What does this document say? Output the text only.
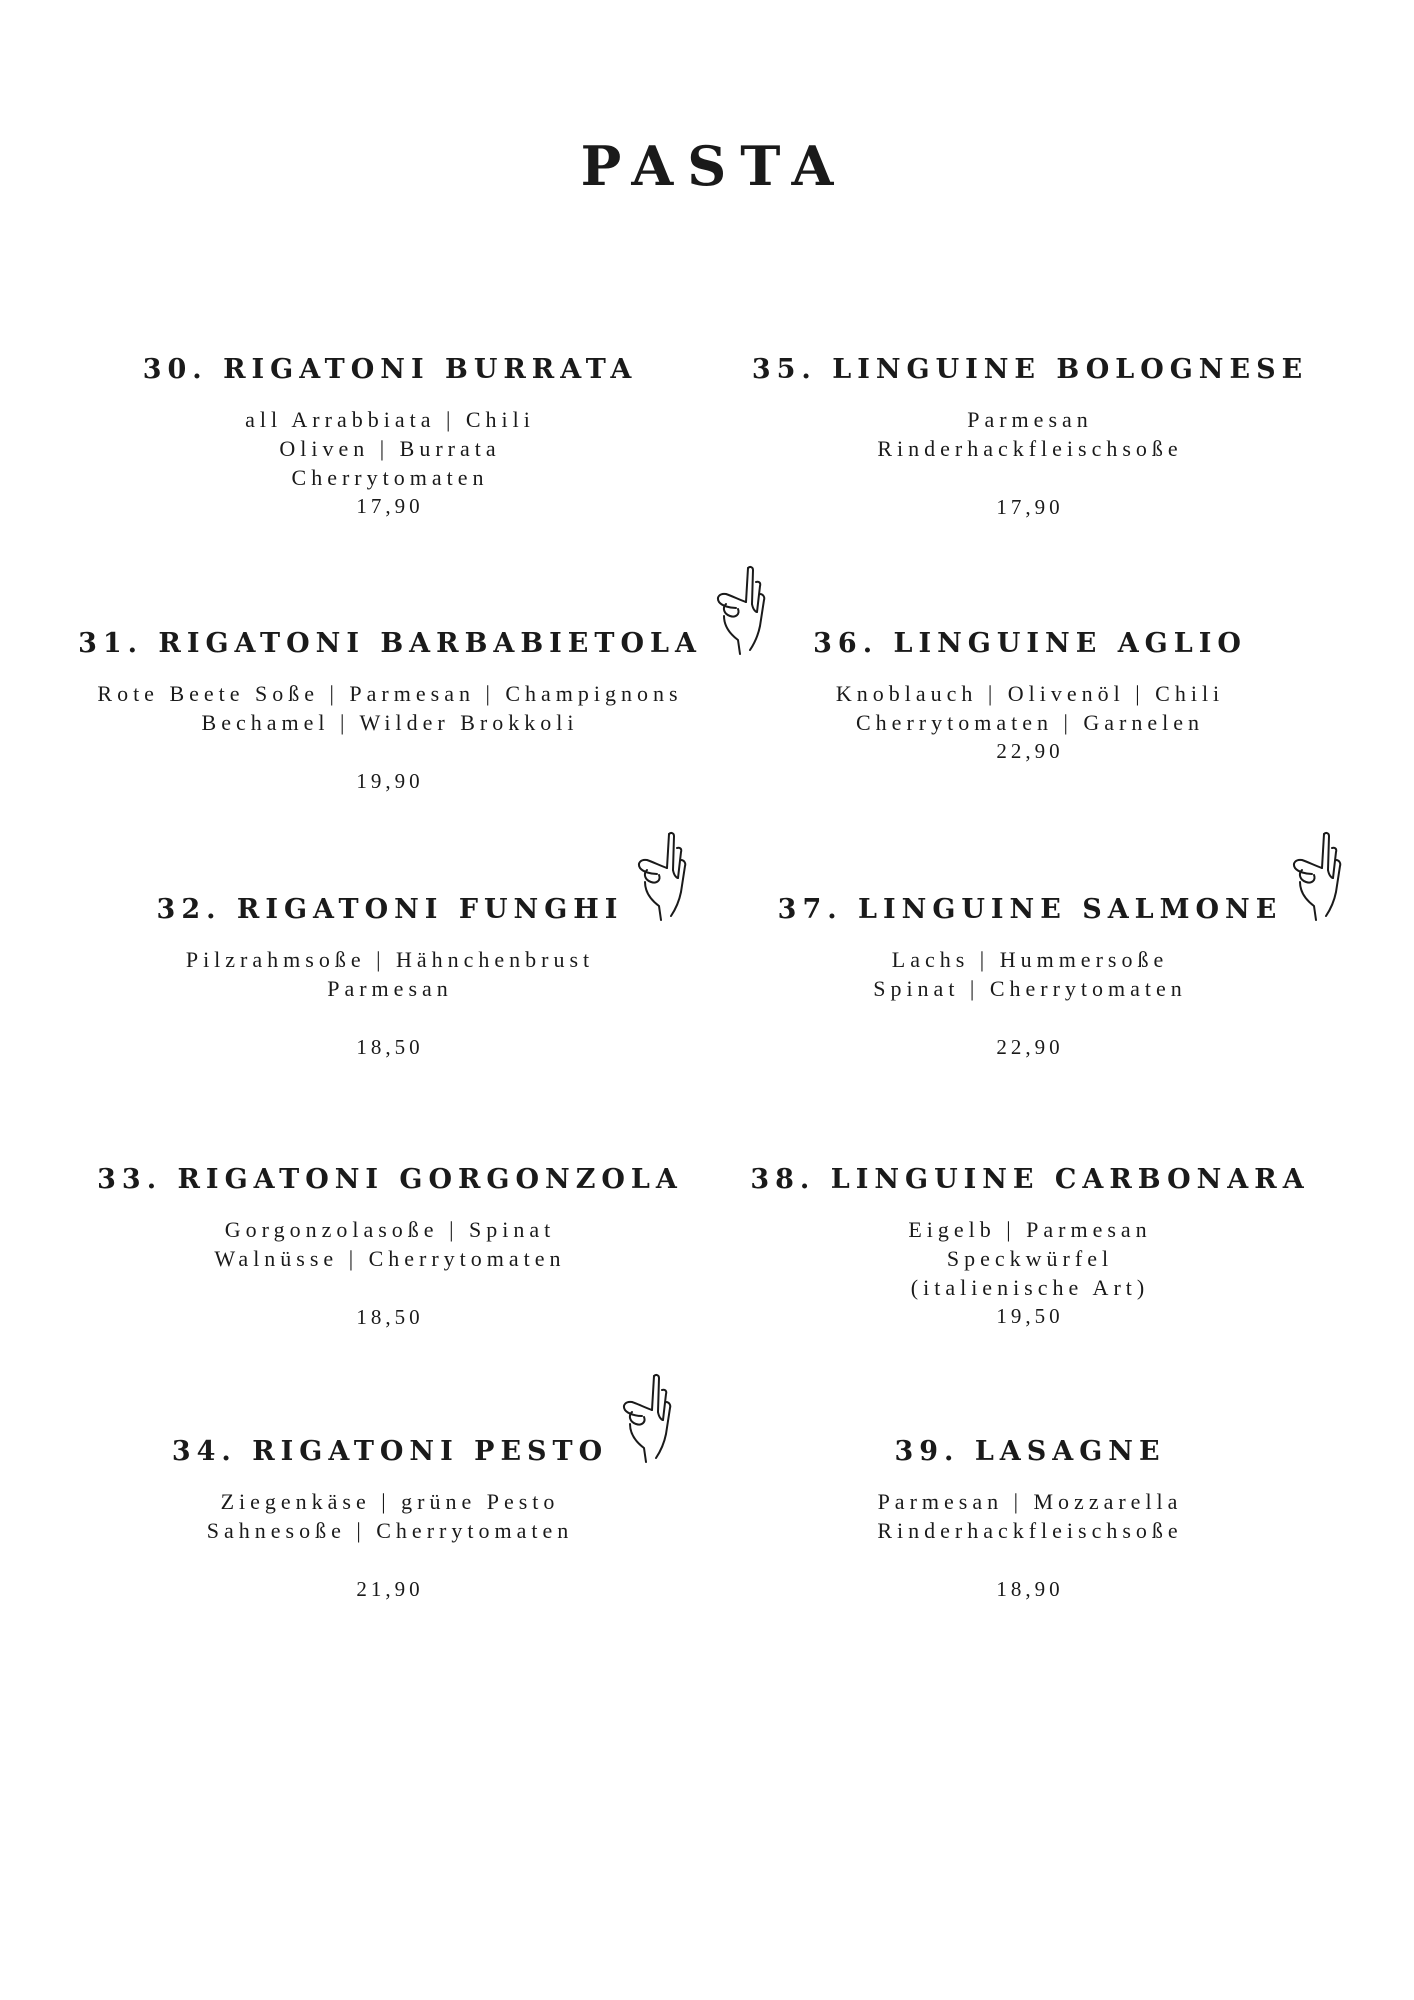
PASTA
30. RIGATONI BURRATA
all Arrabbiata | Chili
Oliven | Burrata
Cherrytomaten
17,90
31. RIGATONI BARBABIETOLA
Rote Beete Soße | Parmesan | Champignons
Bechamel | Wilder Brokkoli
19,90
32. RIGATONI FUNGHI
Pilzrahmsoße | Hähnchenbrust
Parmesan
18,50
33. RIGATONI GORGONZOLA
Gorgonzolasoße | Spinat
Walnüsse | Cherrytomaten
18,50
34. RIGATONI PESTO
Ziegenkäse | grüne Pesto
Sahnesoße | Cherrytomaten
21,90
35. LINGUINE BOLOGNESE
Parmesan
Rinderhackfleischsoße
17,90
36. LINGUINE AGLIO
Knoblauch | Olivenöl | Chili
Cherrytomaten | Garnelen
22,90
37. LINGUINE SALMONE
Lachs | Hummersoße
Spinat | Cherrytomaten
22,90
38. LINGUINE CARBONARA
Eigelb | Parmesan
Speckwürfel
(italienische Art)
19,50
39. LASAGNE
Parmesan | Mozzarella
Rinderhackfleischsoße
18,90
